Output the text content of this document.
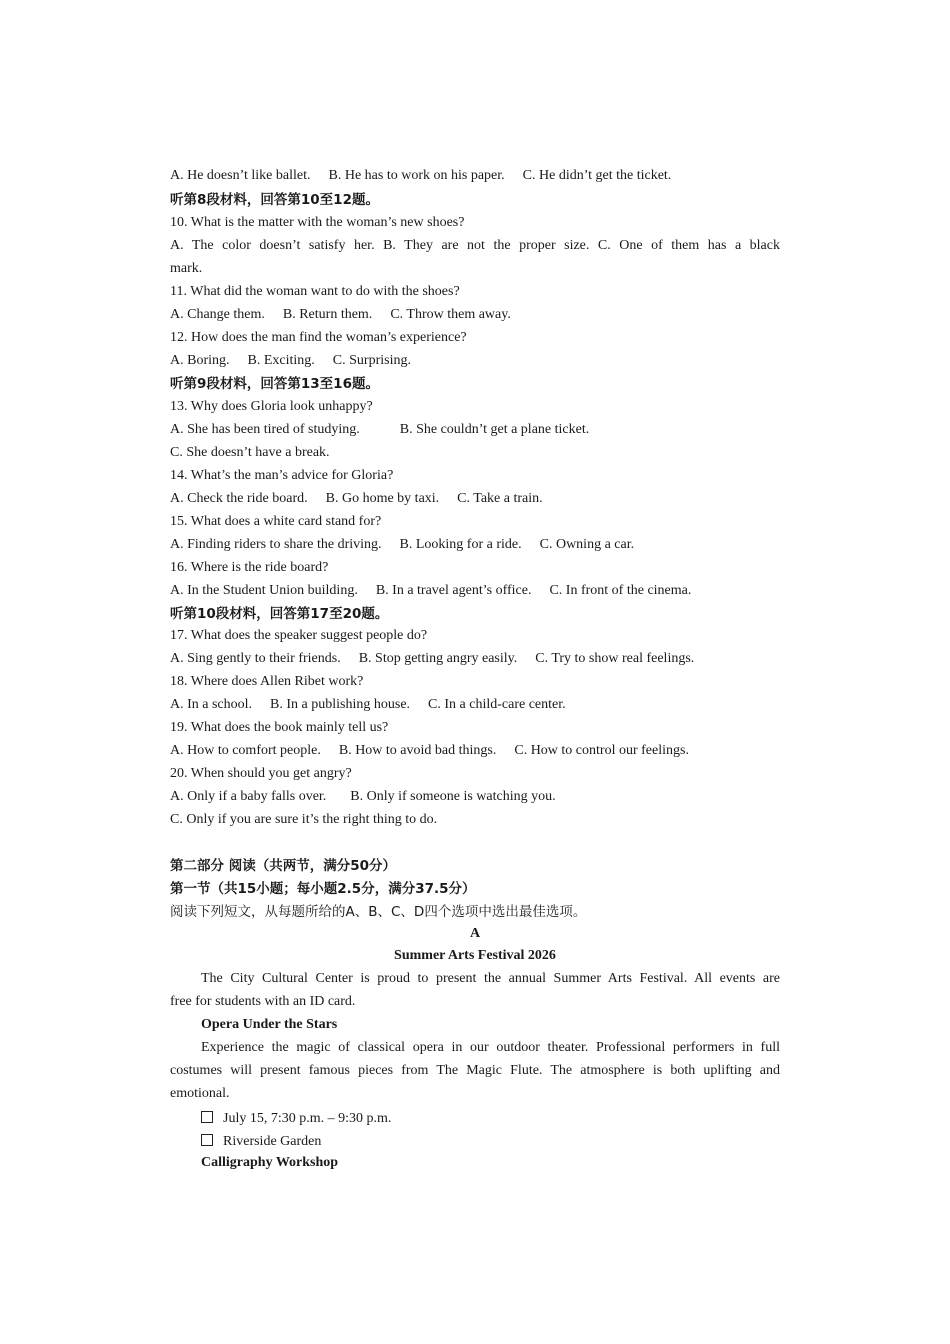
A. He doesn’t like ballet. B. He has to work on his paper. C. He didn’t get the ticket.
听第8段材料，回答第10至12题。
10. What is the matter with the woman’s new shoes?
A. The color doesn’t satisfy her. B. They are not the proper size. C. One of them has a black
mark.
11. What did the woman want to do with the shoes?
A. Change them. B. Return them. C. Throw them away.
12. How does the man find the woman’s experience?
A. Boring. B. Exciting. C. Surprising.
听第9段材料，回答第13至16题。
13. Why does Gloria look unhappy?
A. She has been tired of studying.	B. She couldn’t get a plane ticket.
C. She doesn’t have a break.
14. What’s the man’s advice for Gloria?
A. Check the ride board. B. Go home by taxi. C. Take a train.
15. What does a white card stand for?
A. Finding riders to share the driving. B. Looking for a ride. C. Owning a car.
16. Where is the ride board?
A. In the Student Union building. B. In a travel agent’s office. C. In front of the cinema.
听第10段材料，回答第17至20题。
17. What does the speaker suggest people do?
A. Sing gently to their friends. B. Stop getting angry easily. C. Try to show real feelings.
18. Where does Allen Ribet work?
A. In a school. B. In a publishing house. C. In a child-care center.
19. What does the book mainly tell us?
A. How to comfort people. B. How to avoid bad things. C. How to control our feelings.
20. When should you get angry?
A. Only if a baby falls over. B. Only if someone is watching you.
C. Only if you are sure it’s the right thing to do.
第二部分 阅读（共两节，满分50分）
第一节（共15小题；每小题2.5分，满分37.5分）
阅读下列短文，从每题所给的A、B、C、D四个选项中选出最佳选项。
A
Summer Arts Festival 2026
The City Cultural Center is proud to present the annual Summer Arts Festival. All events are
free for students with an ID card.
Opera Under the Stars
Experience the magic of classical opera in our outdoor theater. Professional performers in full
costumes will present famous pieces from The Magic Flute. The atmosphere is both uplifting and
emotional.
July 15, 7:30 p.m. – 9:30 p.m.
Riverside Garden
Calligraphy Workshop
